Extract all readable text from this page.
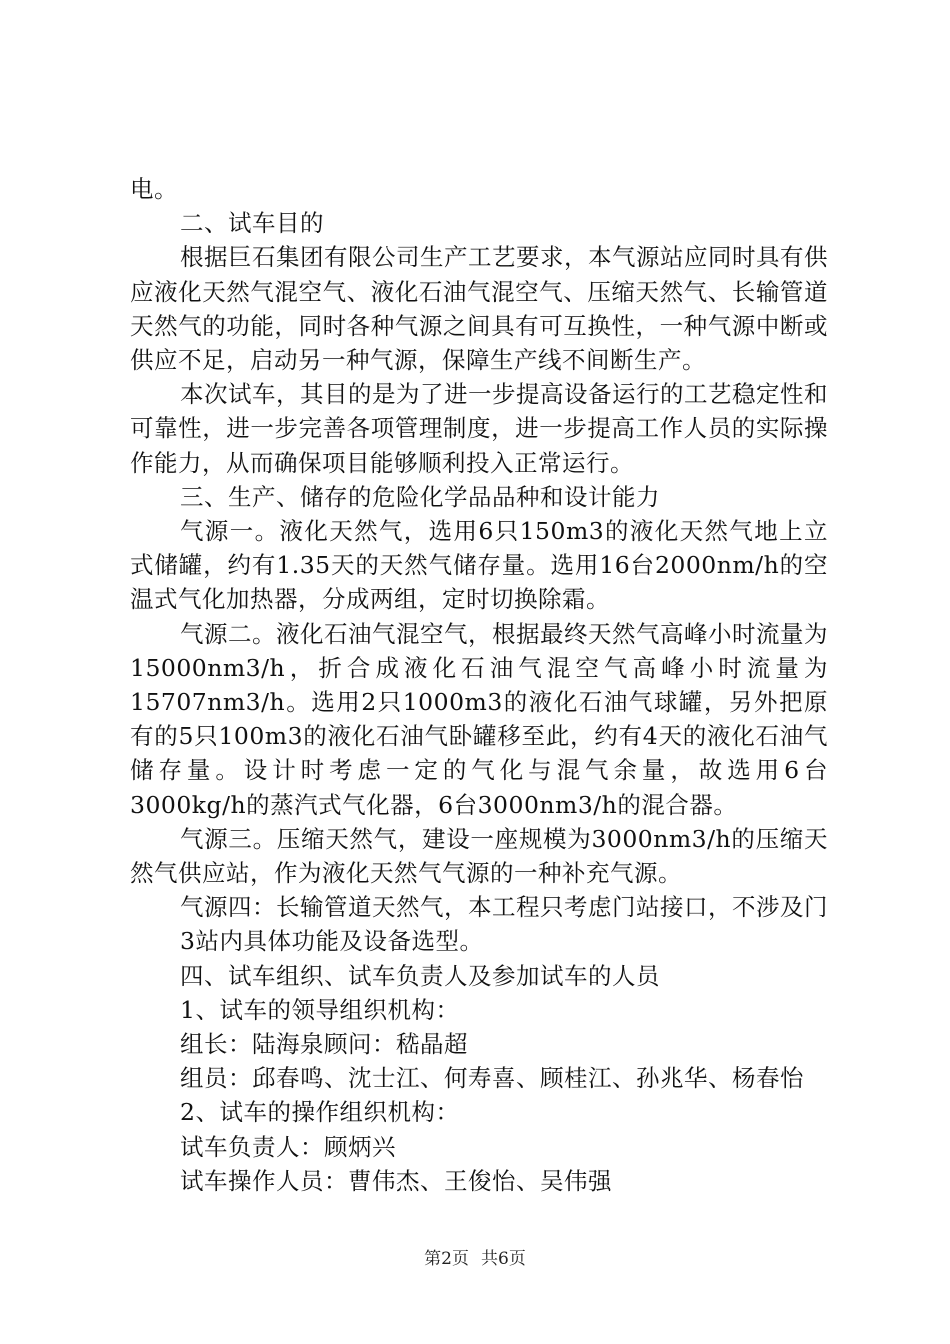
电。

二、试车目的

根据巨石集团有限公司生产工艺要求，本气源站应同时具有供应液化天然气混空气、液化石油气混空气、压缩天然气、长输管道天然气的功能，同时各种气源之间具有可互换性，一种气源中断或供应不足，启动另一种气源，保障生产线不间断生产。

本次试车，其目的是为了进一步提高设备运行的工艺稳定性和可靠性，进一步完善各项管理制度，进一步提高工作人员的实际操作能力，从而确保项目能够顺利投入正常运行。

三、生产、储存的危险化学品品种和设计能力

气源一。液化天然气，选用6只150m3的液化天然气地上立式储罐，约有1.35天的天然气储存量。选用16台2000nm/h的空温式气化加热器，分成两组，定时切换除霜。

气源二。液化石油气混空气，根据最终天然气高峰小时流量为15000nm3/h，折合成液化石油气混空气高峰小时流量为15707nm3/h。选用2只1000m3的液化石油气球罐，另外把原有的5只100m3的液化石油气卧罐移至此，约有4天的液化石油气储存量。设计时考虑一定的气化与混气余量，故选用6台3000kg/h的蒸汽式气化器，6台3000nm3/h的混合器。

气源三。压缩天然气，建设一座规模为3000nm3/h的压缩天然气供应站，作为液化天然气气源的一种补充气源。

气源四：长输管道天然气，本工程只考虑门站接口，不涉及门

3站内具体功能及设备选型。

四、试车组织、试车负责人及参加试车的人员

1、试车的领导组织机构：

组长：陆海泉顾问：嵇晶超

组员：邱春鸣、沈士江、何寿喜、顾桂江、孙兆华、杨春怡

2、试车的操作组织机构：

试车负责人：顾炳兴

试车操作人员：曹伟杰、王俊怡、吴伟强

第2页 共6页
